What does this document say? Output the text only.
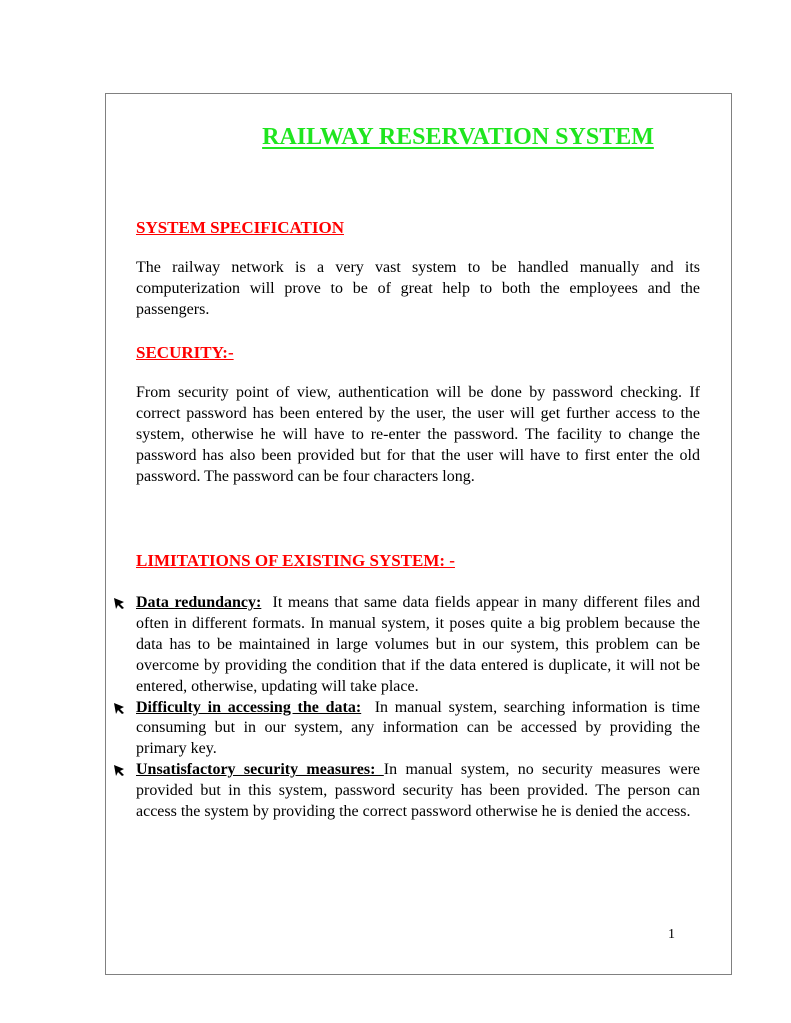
RAILWAY RESERVATION SYSTEM
SYSTEM SPECIFICATION

The railway network is a very vast system to be handled manually and its computerization will prove to be of great help to both the employees and the passengers.

SECURITY:-

From security point of view, authentication will be done by password checking. If correct password has been entered by the user, the user will get further access to the system, otherwise he will have to re-enter the password. The facility to change the password has also been provided but for that the user will have to first enter the old password. The password can be four characters long.

LIMITATIONS OF EXISTING SYSTEM: -
Data redundancy: It means that same data fields appear in many different files and often in different formats. In manual system, it poses quite a big problem because the data has to be maintained in large volumes but in our system, this problem can be overcome by providing the condition that if the data entered is duplicate, it will not be entered, otherwise, updating will take place.
Difficulty in accessing the data: In manual system, searching information is time consuming but in our system, any information can be accessed by providing the primary key.
Unsatisfactory security measures: In manual system, no security measures were provided but in this system, password security has been provided. The person can access the system by providing the correct password otherwise he is denied the access.

1
